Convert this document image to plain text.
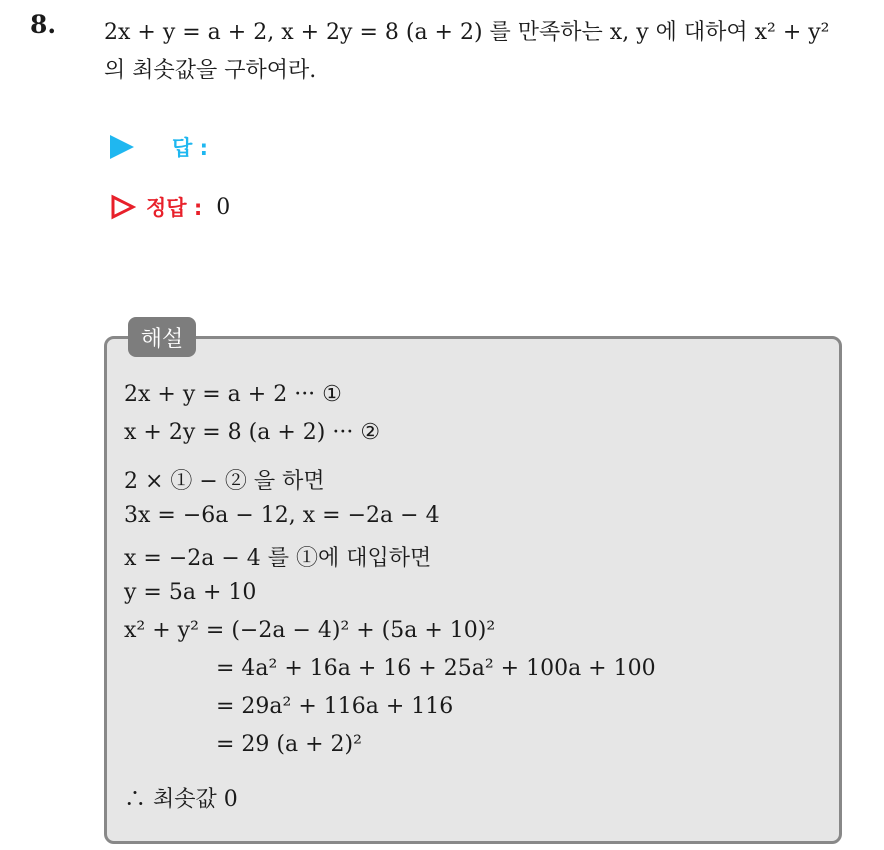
8. 2x + y = a + 2, x + 2y = 8 (a + 2) 를 만족하는 x, y 에 대하여 x² + y²
의 최솟값을 구하여라.
답 :
정답 : 0
해설
2x + y = a + 2 ··· ①
x + 2y = 8 (a + 2) ··· ②
2 × ① − ② 을 하면
3x = −6a − 12, x = −2a − 4
x = −2a − 4 를 ①에 대입하면
y = 5a + 10
x² + y² = (−2a − 4)² + (5a + 10)²
= 4a² + 16a + 16 + 25a² + 100a + 100
= 29a² + 116a + 116
= 29 (a + 2)²
∴ 최솟값 0
